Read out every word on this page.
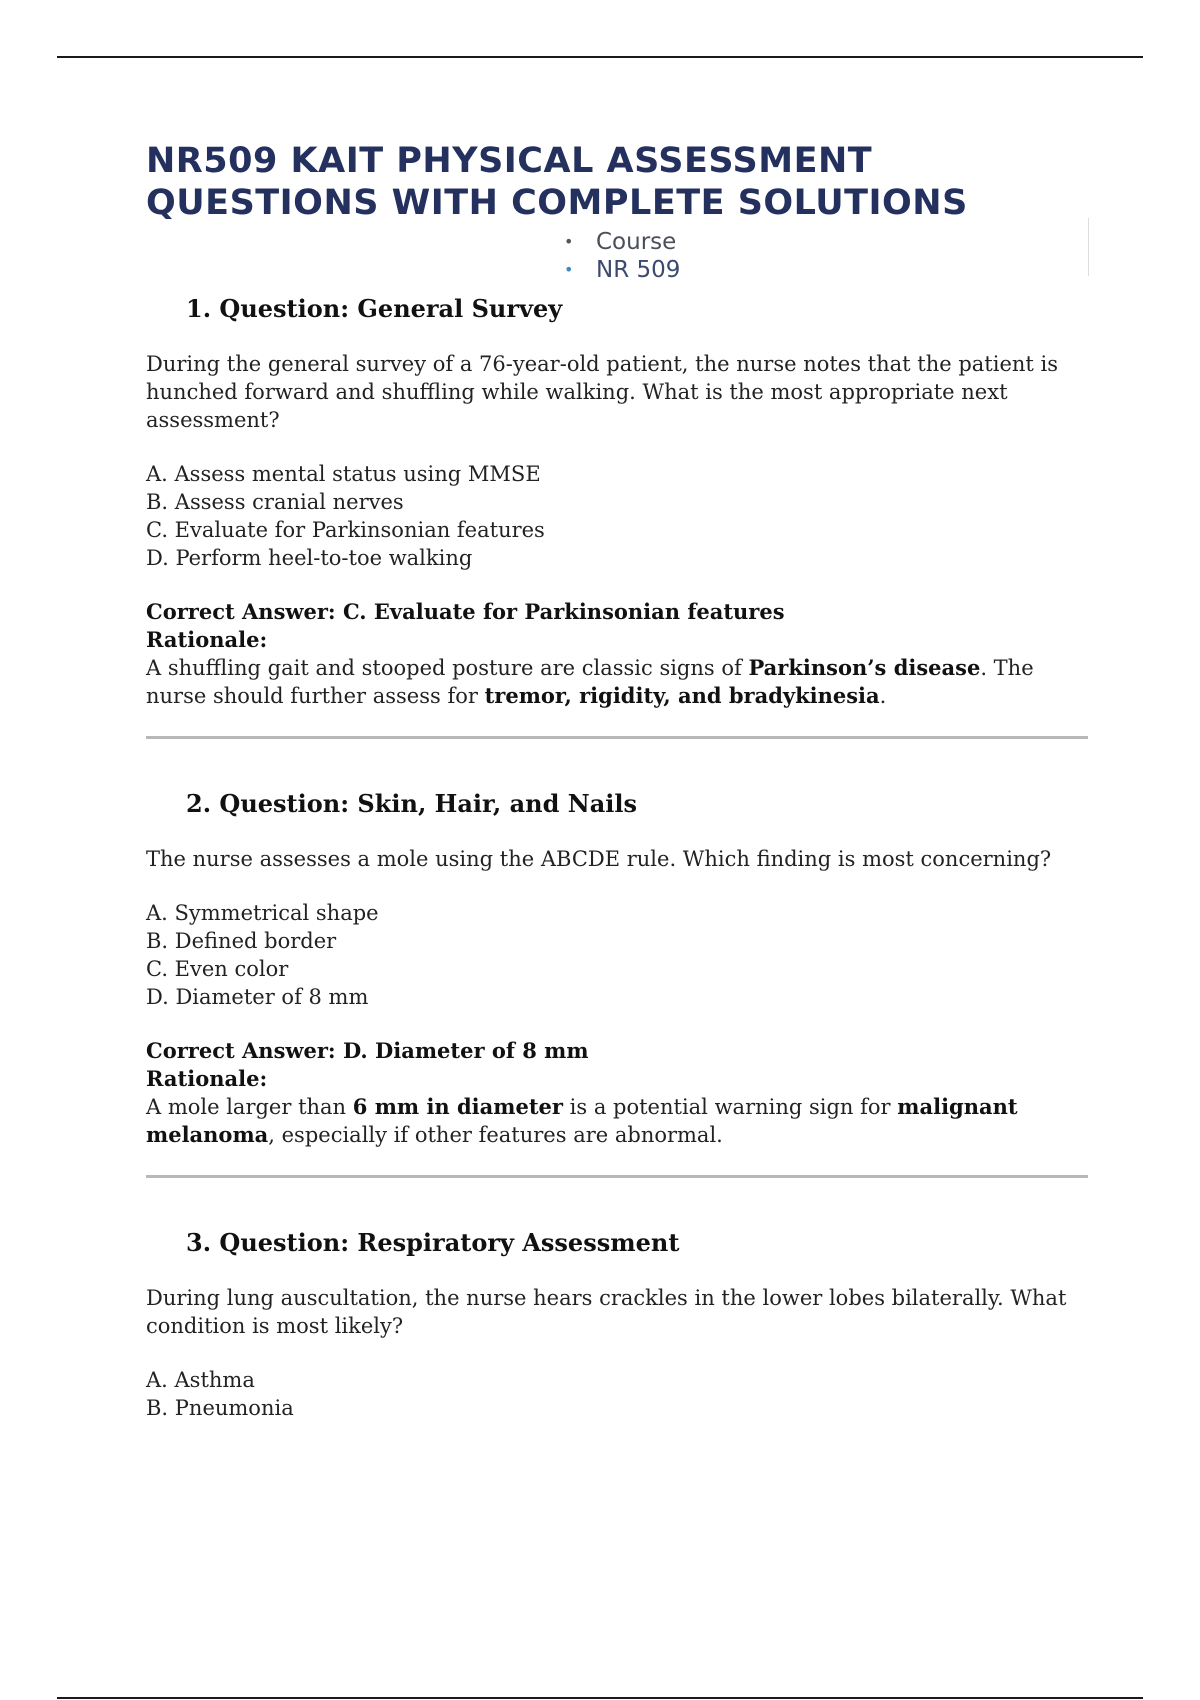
NR509 KAIT PHYSICAL ASSESSMENT
QUESTIONS WITH COMPLETE SOLUTIONS
• Course
• NR 509
1. Question: General Survey

During the general survey of a 76-year-old patient, the nurse notes that the patient is hunched forward and shuffling while walking. What is the most appropriate next assessment?

A. Assess mental status using MMSE
B. Assess cranial nerves
C. Evaluate for Parkinsonian features
D. Perform heel-to-toe walking

Correct Answer: C. Evaluate for Parkinsonian features

Rationale:

A shuffling gait and stooped posture are classic signs of Parkinson’s disease. The nurse should further assess for tremor, rigidity, and bradykinesia.

2. Question: Skin, Hair, and Nails

The nurse assesses a mole using the ABCDE rule. Which finding is most concerning?

A. Symmetrical shape
B. Defined border
C. Even color
D. Diameter of 8 mm

Correct Answer: D. Diameter of 8 mm

Rationale:

A mole larger than 6 mm in diameter is a potential warning sign for malignant melanoma, especially if other features are abnormal.

3. Question: Respiratory Assessment

During lung auscultation, the nurse hears crackles in the lower lobes bilaterally. What condition is most likely?

A. Asthma
B. Pneumonia
